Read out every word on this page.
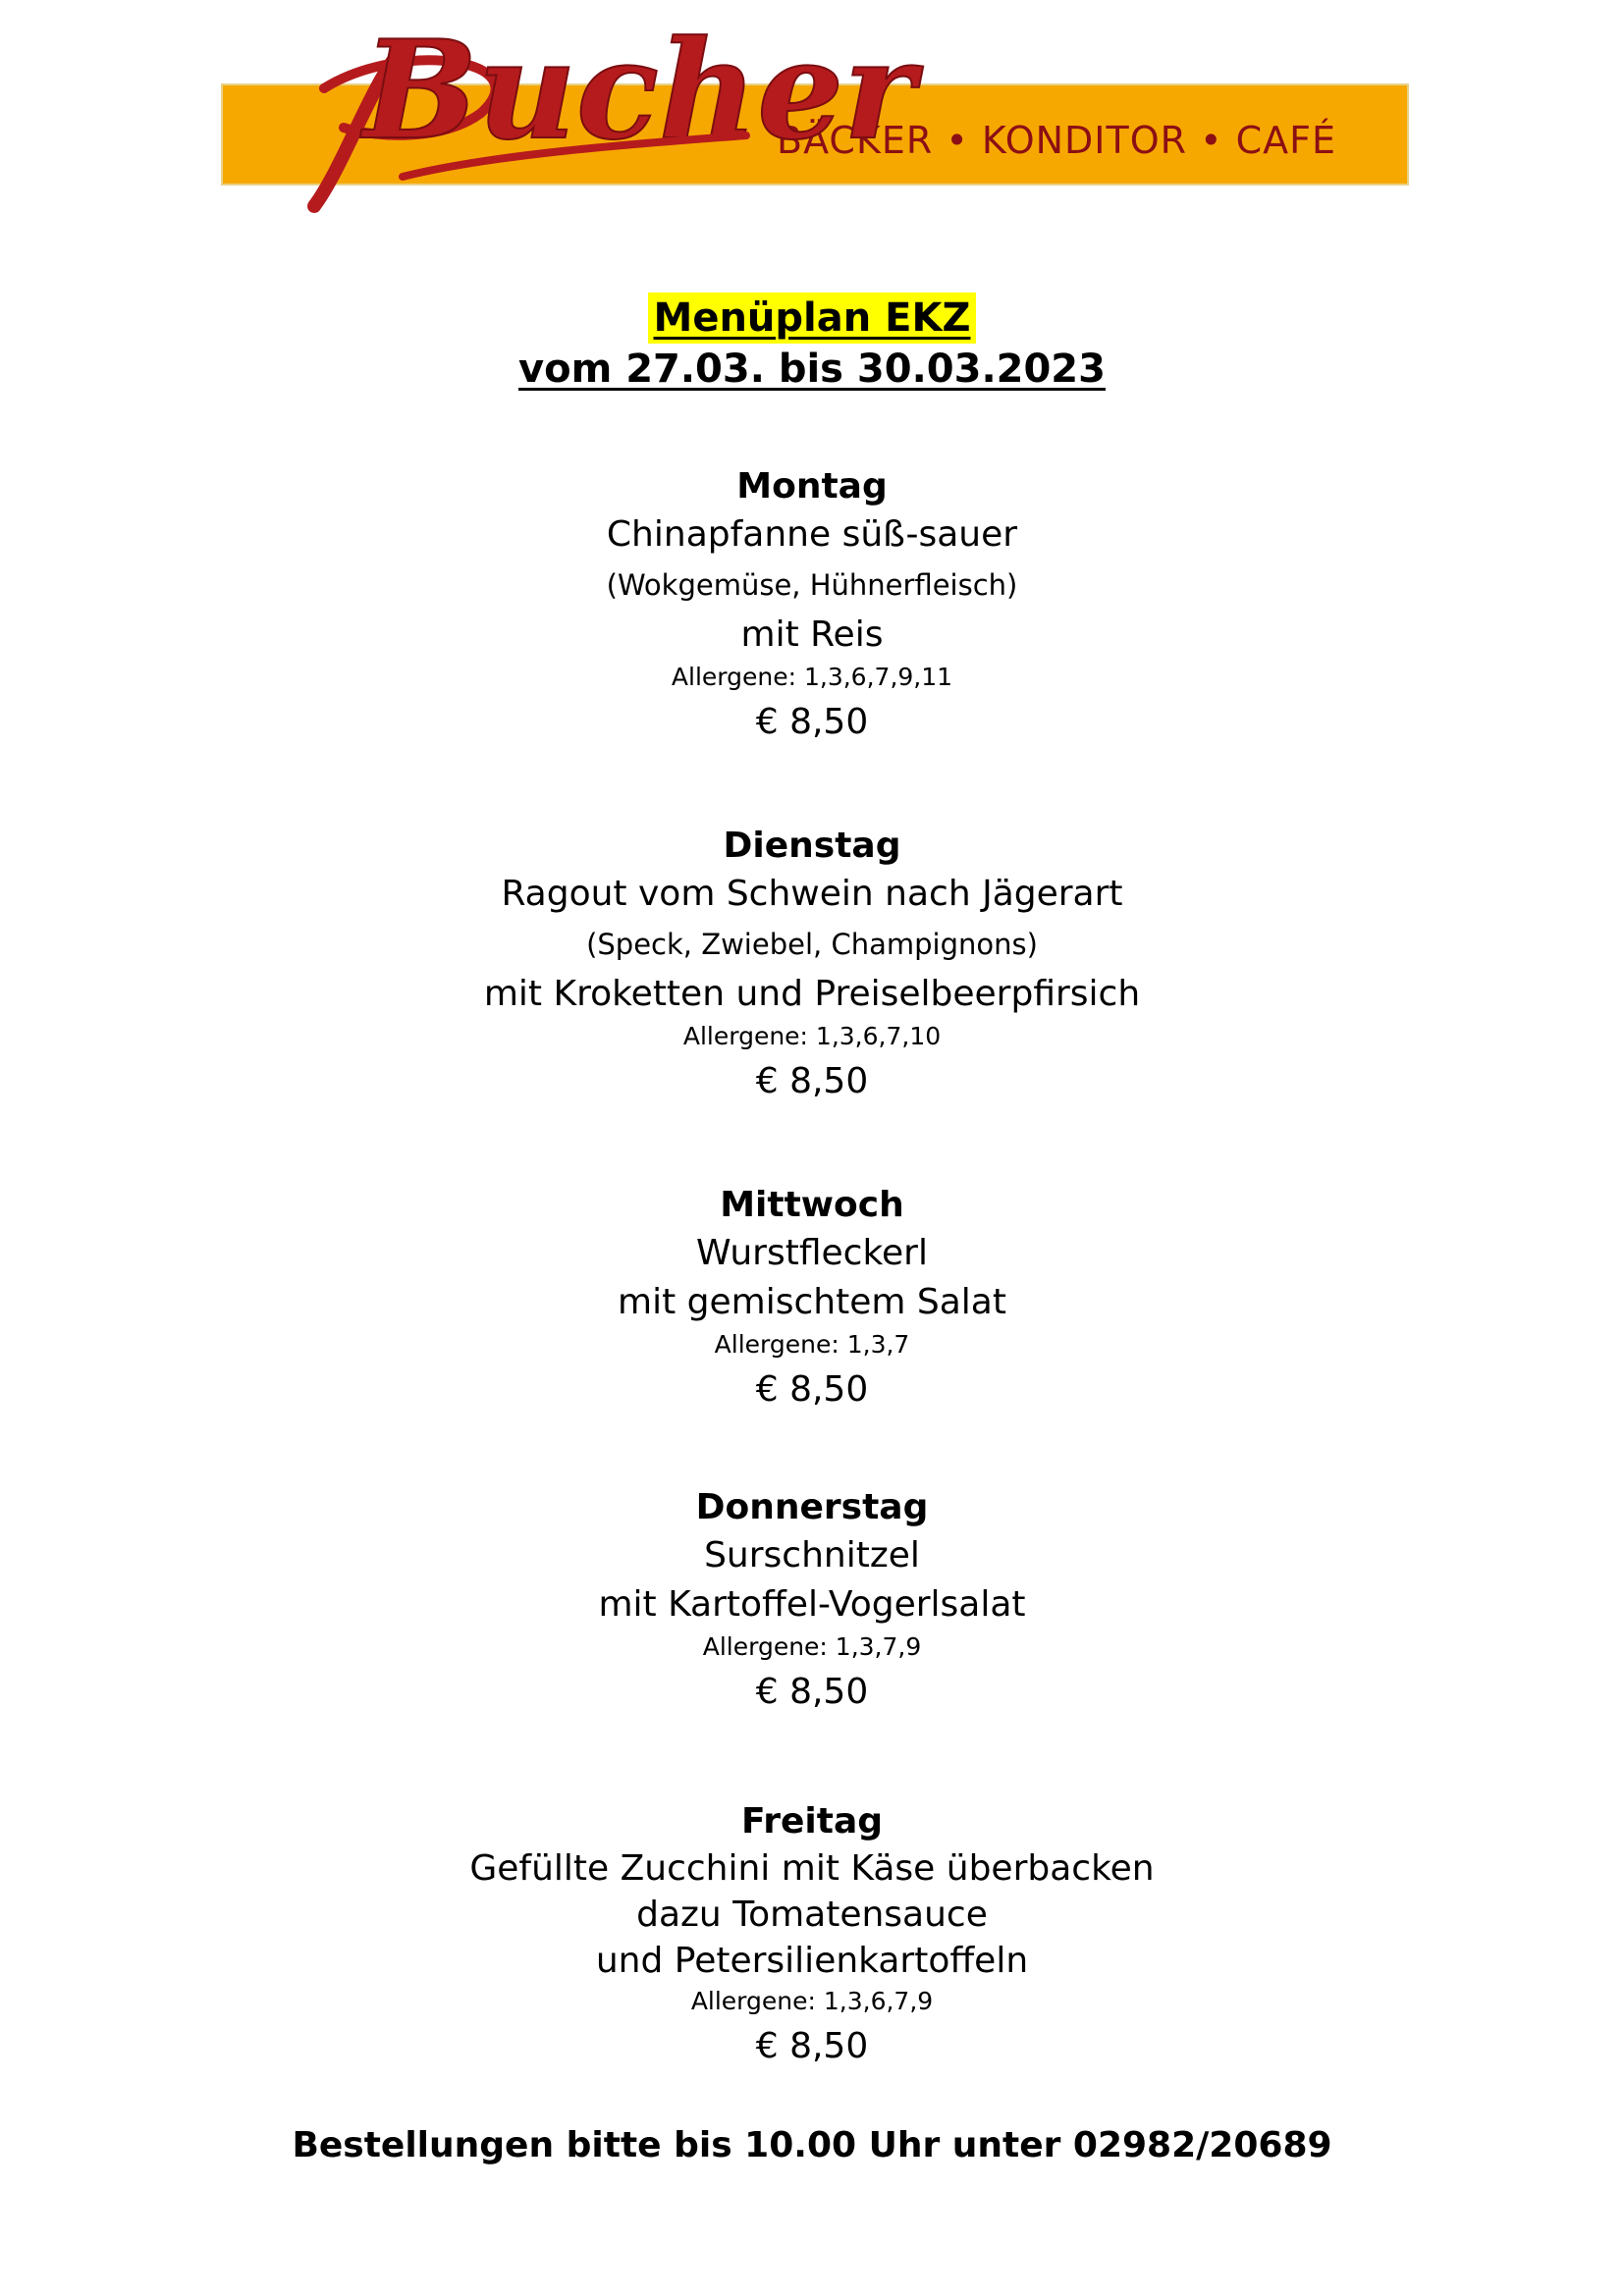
BÄCKER • KONDITOR • CAFÉ
Bucher
Menüplan EKZ
vom 27.03. bis 30.03.2023

Montag

Chinapfanne süß-sauer

(Wokgemüse, Hühnerfleisch)

mit Reis

Allergene: 1,3,6,7,9,11

€ 8,50

Dienstag

Ragout vom Schwein nach Jägerart

(Speck, Zwiebel, Champignons)

mit Kroketten und Preiselbeerpfirsich

Allergene: 1,3,6,7,10

€ 8,50

Mittwoch

Wurstfleckerl

mit gemischtem Salat

Allergene: 1,3,7

€ 8,50

Donnerstag

Surschnitzel

mit Kartoffel-Vogerlsalat

Allergene: 1,3,7,9

€ 8,50

Freitag

Gefüllte Zucchini mit Käse überbacken

dazu Tomatensauce

und Petersilienkartoffeln

Allergene: 1,3,6,7,9

€ 8,50

Bestellungen bitte bis 10.00 Uhr unter 02982/20689
